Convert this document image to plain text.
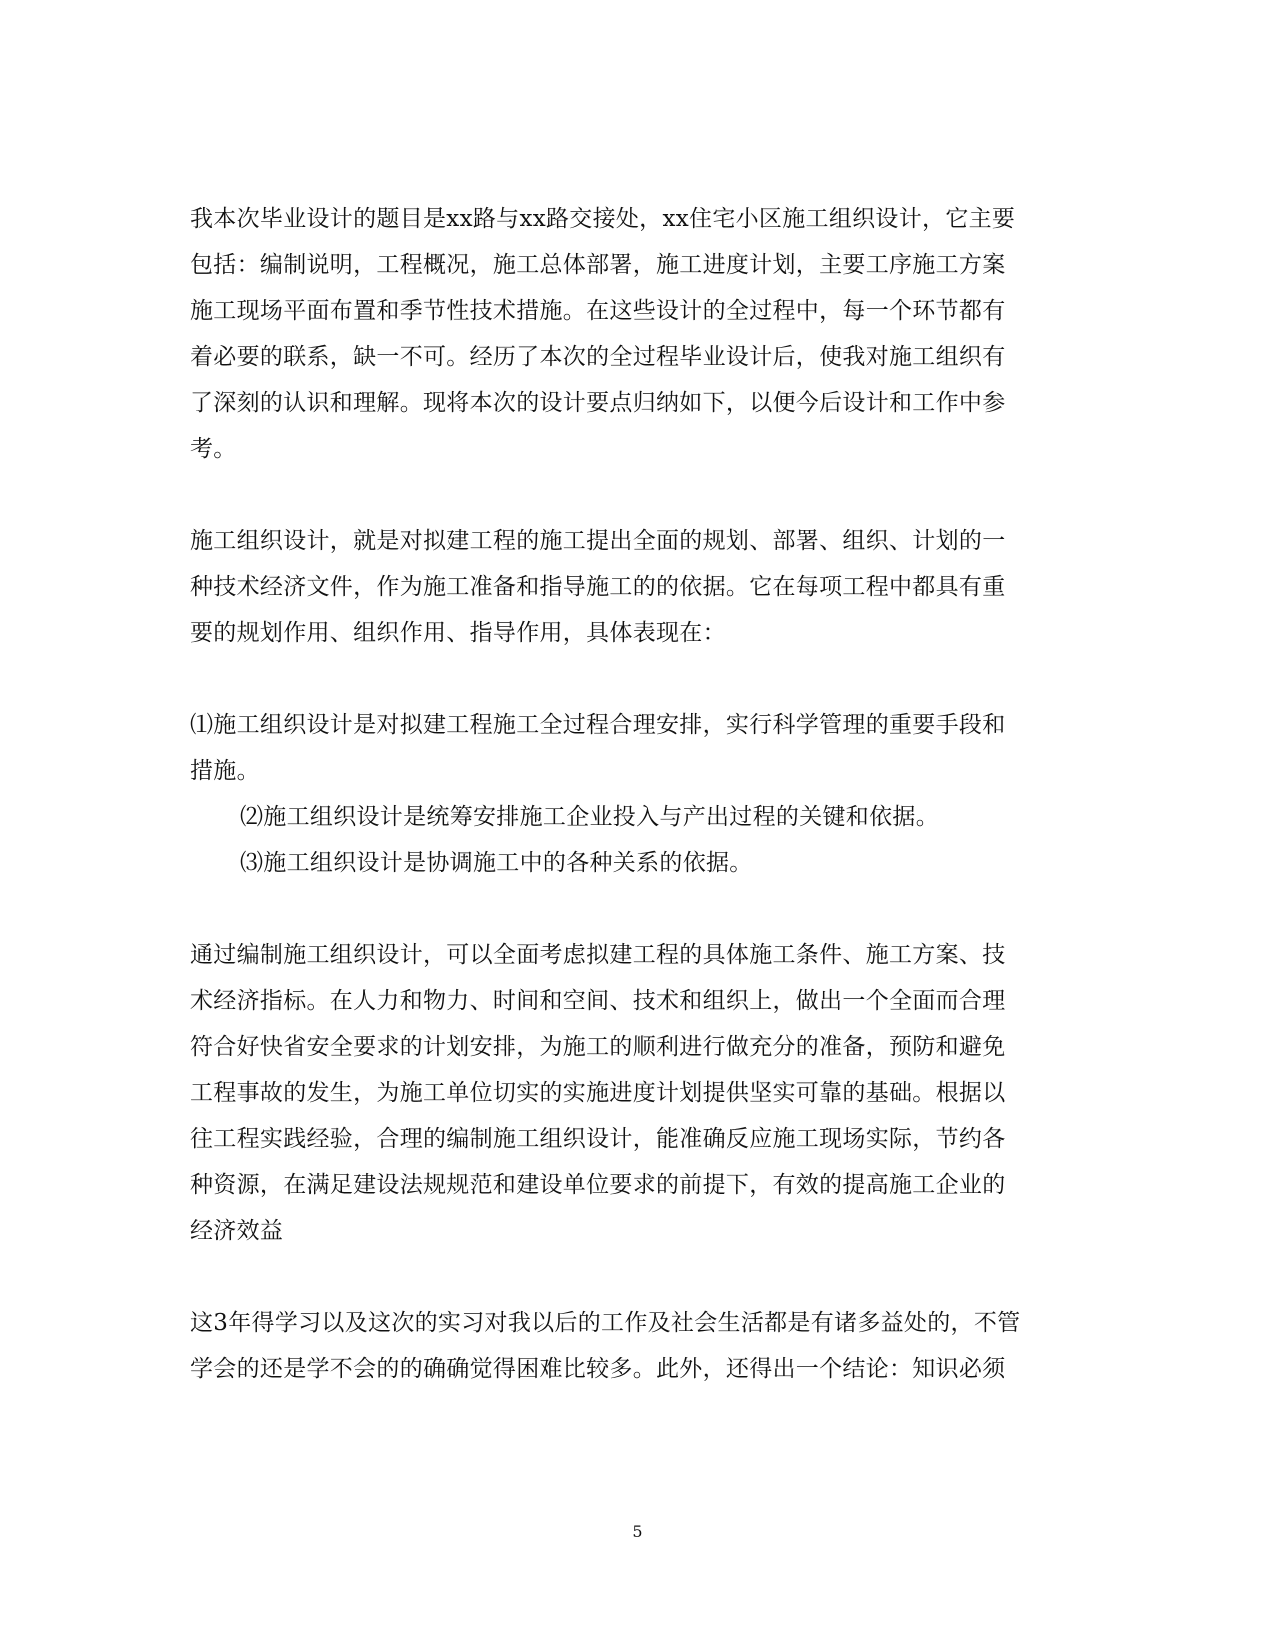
我本次毕业设计的题目是xx路与xx路交接处，xx住宅小区施工组织设计，它主要
包括：编制说明，工程概况，施工总体部署，施工进度计划，主要工序施工方案
施工现场平面布置和季节性技术措施。在这些设计的全过程中，每一个环节都有
着必要的联系，缺一不可。经历了本次的全过程毕业设计后，使我对施工组织有
了深刻的认识和理解。现将本次的设计要点归纳如下，以便今后设计和工作中参
考。
施工组织设计，就是对拟建工程的施工提出全面的规划、部署、组织、计划的一
种技术经济文件，作为施工准备和指导施工的的依据。它在每项工程中都具有重
要的规划作用、组织作用、指导作用，具体表现在：
⑴施工组织设计是对拟建工程施工全过程合理安排，实行科学管理的重要手段和
措施。
⑵施工组织设计是统筹安排施工企业投入与产出过程的关键和依据。
⑶施工组织设计是协调施工中的各种关系的依据。
通过编制施工组织设计，可以全面考虑拟建工程的具体施工条件、施工方案、技
术经济指标。在人力和物力、时间和空间、技术和组织上，做出一个全面而合理
符合好快省安全要求的计划安排，为施工的顺利进行做充分的准备，预防和避免
工程事故的发生，为施工单位切实的实施进度计划提供坚实可靠的基础。根据以
往工程实践经验，合理的编制施工组织设计，能准确反应施工现场实际，节约各
种资源，在满足建设法规规范和建设单位要求的前提下，有效的提高施工企业的
经济效益
这3年得学习以及这次的实习对我以后的工作及社会生活都是有诸多益处的，不管
学会的还是学不会的的确确觉得困难比较多。此外，还得出一个结论：知识必须
5
